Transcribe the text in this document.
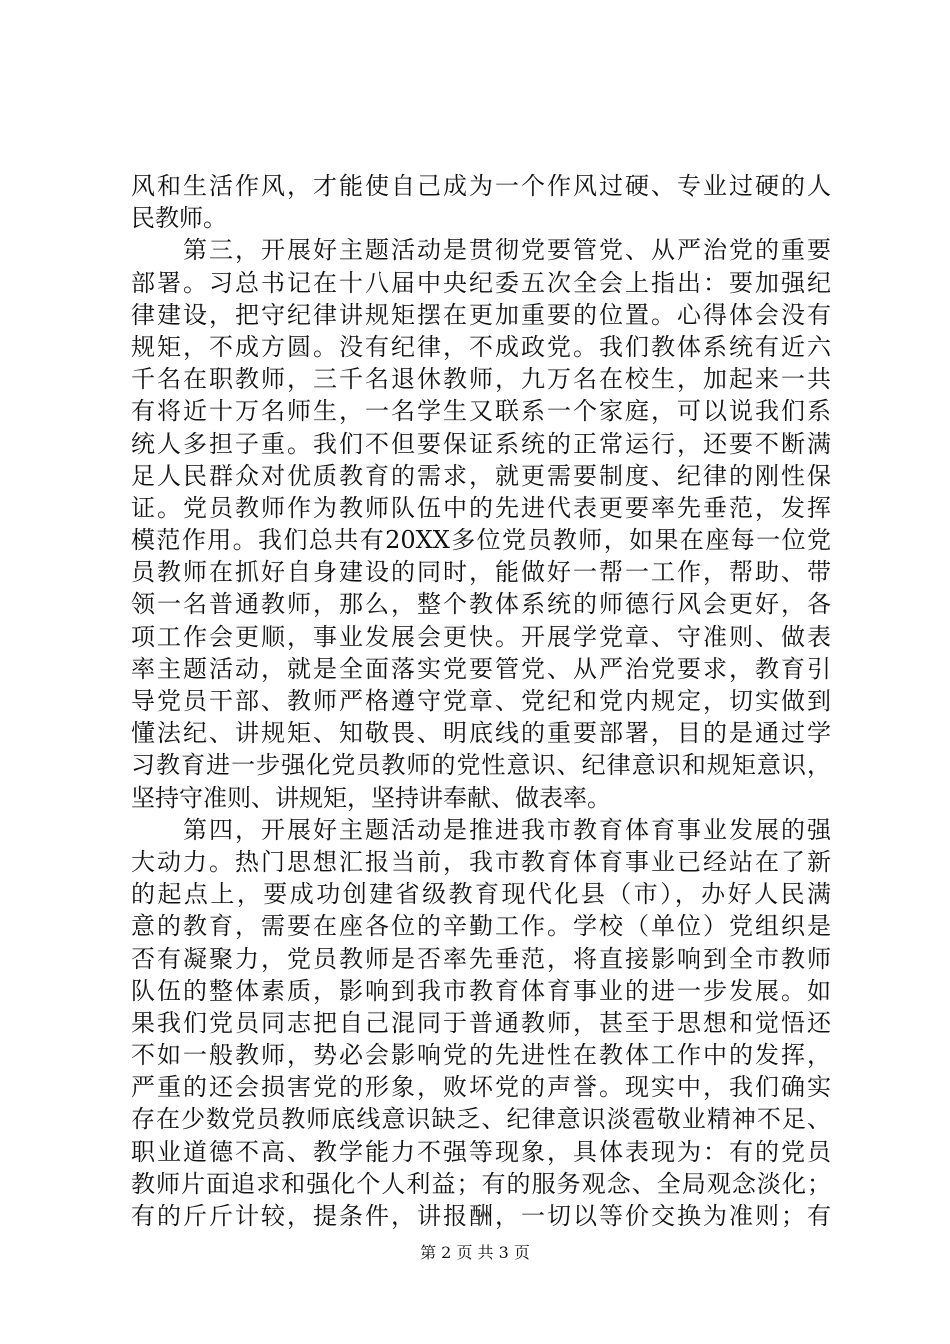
风和生活作风，才能使自己成为一个作风过硬、专业过硬的人
民教师。
　　第三，开展好主题活动是贯彻党要管党、从严治党的重要
部署。习总书记在十八届中央纪委五次全会上指出：要加强纪
律建设，把守纪律讲规矩摆在更加重要的位置。心得体会没有
规矩，不成方圆。没有纪律，不成政党。我们教体系统有近六
千名在职教师，三千名退休教师，九万名在校生，加起来一共
有将近十万名师生，一名学生又联系一个家庭，可以说我们系
统人多担子重。我们不但要保证系统的正常运行，还要不断满
足人民群众对优质教育的需求，就更需要制度、纪律的刚性保
证。党员教师作为教师队伍中的先进代表更要率先垂范，发挥
模范作用。我们总共有20XX多位党员教师，如果在座每一位党
员教师在抓好自身建设的同时，能做好一帮一工作，帮助、带
领一名普通教师，那么，整个教体系统的师德行风会更好，各
项工作会更顺，事业发展会更快。开展学党章、守准则、做表
率主题活动，就是全面落实党要管党、从严治党要求，教育引
导党员干部、教师严格遵守党章、党纪和党内规定，切实做到
懂法纪、讲规矩、知敬畏、明底线的重要部署，目的是通过学
习教育进一步强化党员教师的党性意识、纪律意识和规矩意识，
坚持守准则、讲规矩，坚持讲奉献、做表率。
　　第四，开展好主题活动是推进我市教育体育事业发展的强
大动力。热门思想汇报当前，我市教育体育事业已经站在了新
的起点上，要成功创建省级教育现代化县（市），办好人民满
意的教育，需要在座各位的辛勤工作。学校（单位）党组织是
否有凝聚力，党员教师是否率先垂范，将直接影响到全市教师
队伍的整体素质，影响到我市教育体育事业的进一步发展。如
果我们党员同志把自己混同于普通教师，甚至于思想和觉悟还
不如一般教师，势必会影响党的先进性在教体工作中的发挥，
严重的还会损害党的形象，败坏党的声誉。现实中，我们确实
存在少数党员教师底线意识缺乏、纪律意识淡雹敬业精神不足、
职业道德不高、教学能力不强等现象，具体表现为：有的党员
教师片面追求和强化个人利益；有的服务观念、全局观念淡化；
有的斤斤计较，提条件，讲报酬，一切以等价交换为准则；有
第 2 页 共 3 页
